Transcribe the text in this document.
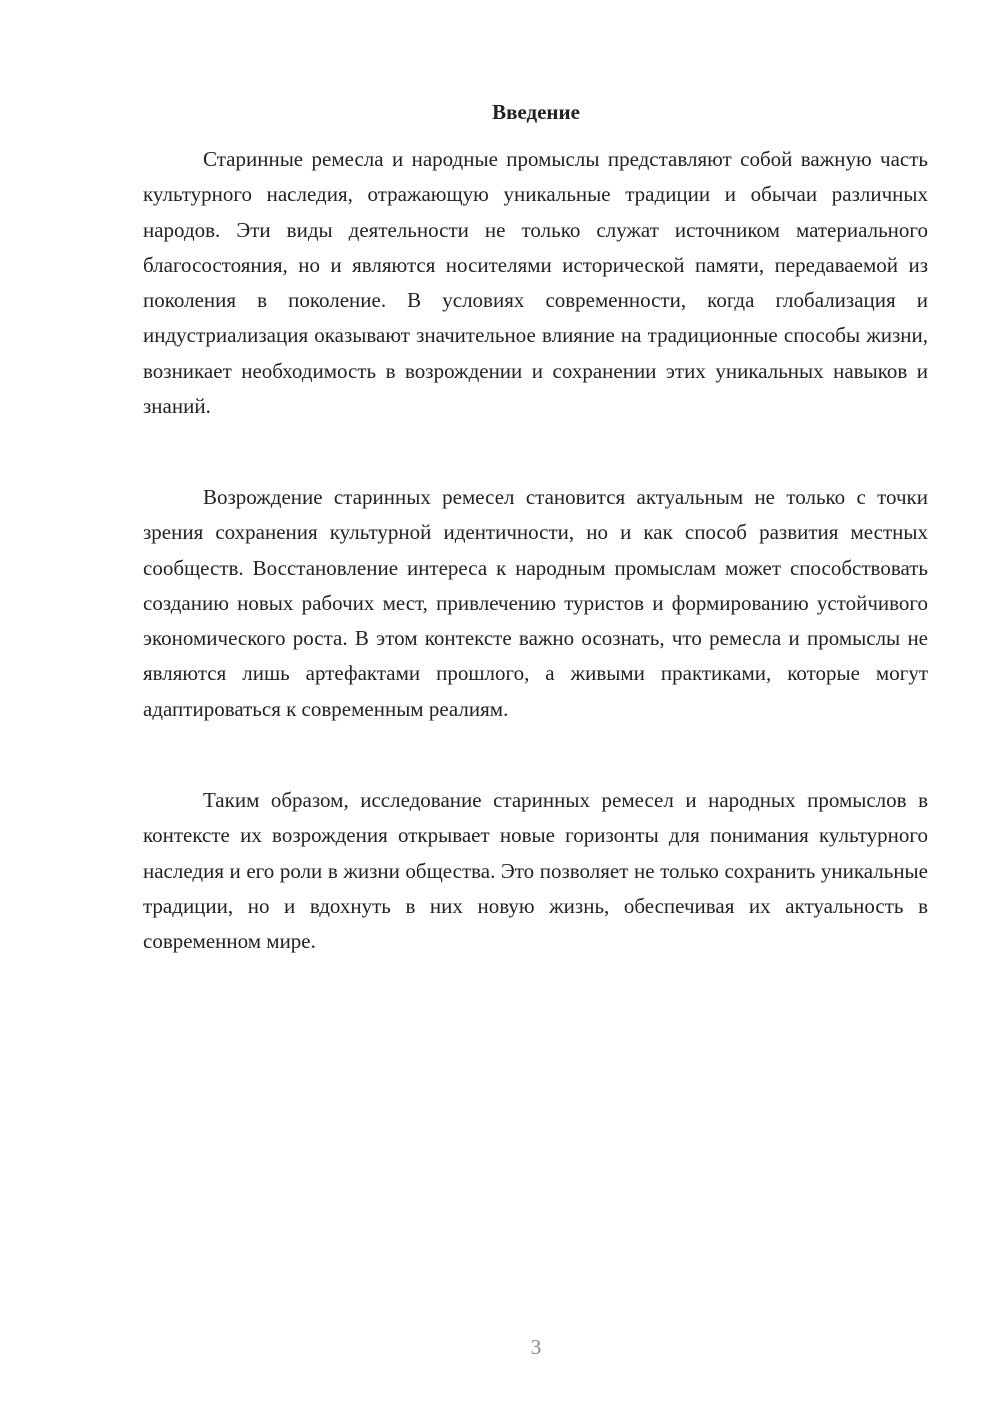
Введение

Старинные ремесла и народные промыслы представляют собой важную часть культурного наследия, отражающую уникальные традиции и обычаи различных народов. Эти виды деятельности не только служат источником материального благосостояния, но и являются носителями исторической памяти, передаваемой из поколения в поколение. В условиях современности, когда глобализация и индустриализация оказывают значительное влияние на традиционные способы жизни, возникает необходимость в возрождении и сохранении этих уникальных навыков и знаний.

Возрождение старинных ремесел становится актуальным не только с точки зрения сохранения культурной идентичности, но и как способ развития местных сообществ. Восстановление интереса к народным промыслам может способствовать созданию новых рабочих мест, привлечению туристов и формированию устойчивого экономического роста. В этом контексте важно осознать, что ремесла и промыслы не являются лишь артефактами прошлого, а живыми практиками, которые могут адаптироваться к современным реалиям.

Таким образом, исследование старинных ремесел и народных промыслов в контексте их возрождения открывает новые горизонты для понимания культурного наследия и его роли в жизни общества. Это позволяет не только сохранить уникальные традиции, но и вдохнуть в них новую жизнь, обеспечивая их актуальность в современном мире.

3
